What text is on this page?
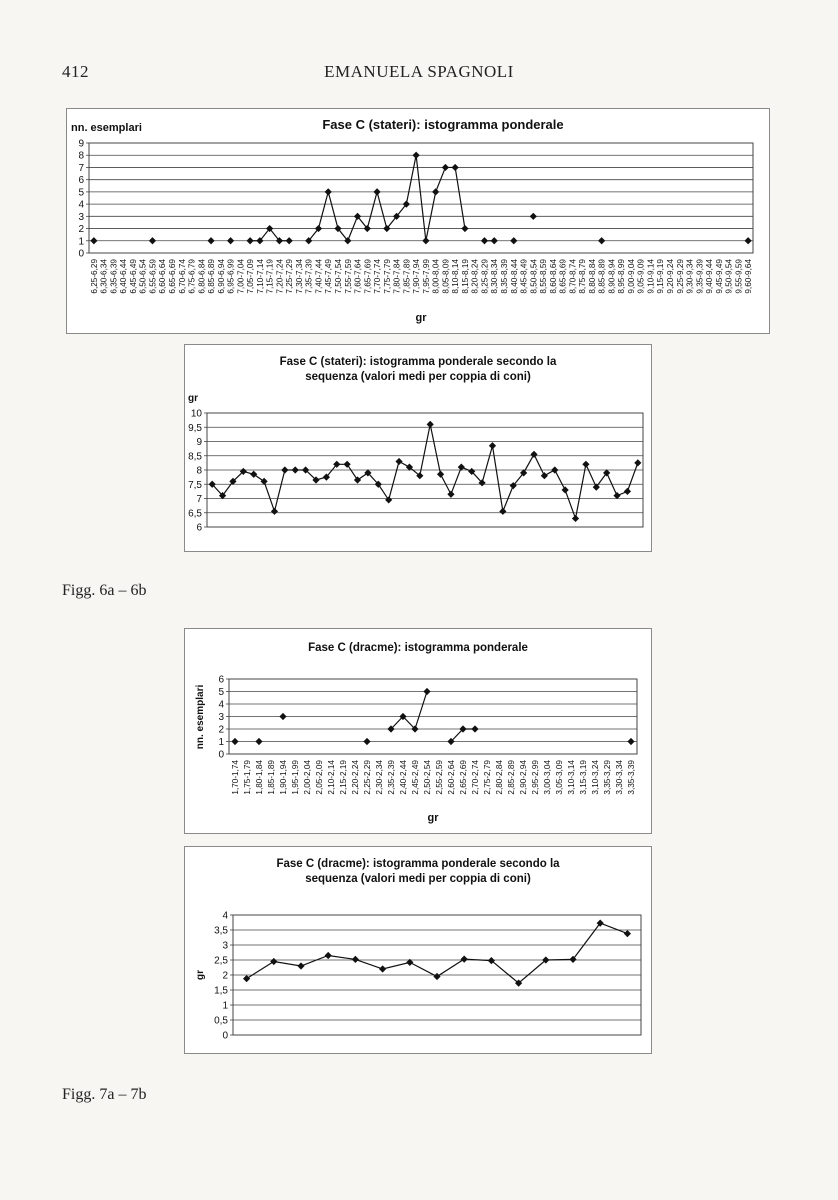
412	EMANUELA SPAGNOLI
Fase C (stateri): istogramma ponderale
nn. esemplari
0
1
2
3
4
5
6
7
8
9
6,25-6,29 6,30-6,34 6,35-6,39 6,40-6,44 6,45-6,49 6,50-6,54 6,55-6,59 6,60-6,64 6,65-6,69 6,70-6,74 6,75-6,79 6,80-6,84 6,85-6,89 6,90-6,94 6,95-6,99 7,00-7,04 7,05-7,09 7,10-7,14 7,15-7,19 7,20-7,24 7,25-7,29 7,30-7,34 7,35-7,39 7,40-7,44 7,45-7,49 7,50-7,54 7,55-7,59 7,60-7,64 7,65-7,69 7,70-7,74 7,75-7,79 7,80-7,84 7,85-7,89 7,90-7,94 7,95-7,99 8,00-8,04 8,05-8,09 8,10-8,14 8,15-8,19 8,20-8,24 8,25-8,29 8,30-8,34 8,35-8,39 8,40-8,44 8,45-8,49 8,50-8,54 8,55-8,59 8,60-8,64 8,65-8,69 8,70-8,74 8,75-8,79 8,80-8,84 8,85-8,89 8,90-8,94 8,95-8,99 9,00-9,04 9,05-9,09 9,10-9,14 9,15-9,19 9,20-9,24 9,25-9,29 9,30-9,34 9,35-9,39 9,40-9,44 9,45-9,49 9,50-9,54 9,55-9,59 9,60-9,64
gr
Fase C (stateri): istogramma ponderale secondo la
sequenza (valori medi per coppia di coni)
gr
6
6,5
7
7,5
8
8,5
9
9,5
10
Figg. 6a – 6b
Fase C (dracme): istogramma ponderale
nn. esemplari
0
1
2
3
4
5
6
1,70-1,74 1,75-1,79 1,80-1,84 1,85-1,89 1,90-1,94 1,95-1,99 2,00-2,04 2,05-2,09 2,10-2,14 2,15-2,19 2,20-2,24 2,25-2,29 2,30-2,34 2,35-2,39 2,40-2,44 2,45-2,49 2,50-2,54 2,55-2,59 2,60-2,64 2,65-2,69 2,70-2,74 2,75-2,79 2,80-2,84 2,85-2,89 2,90-2,94 2,95-2,99 3,00-3,04 3,05-3,09 3,10-3,14 3,15-3,19 3,10-3,24 3,35-3,29 3,30-3,34 3,35-3,39
gr
Fase C (dracme): istogramma ponderale secondo la
sequenza (valori medi per coppia di coni)
gr
0
0,5
1
1,5
2
2,5
3
3,5
4
Figg. 7a – 7b
